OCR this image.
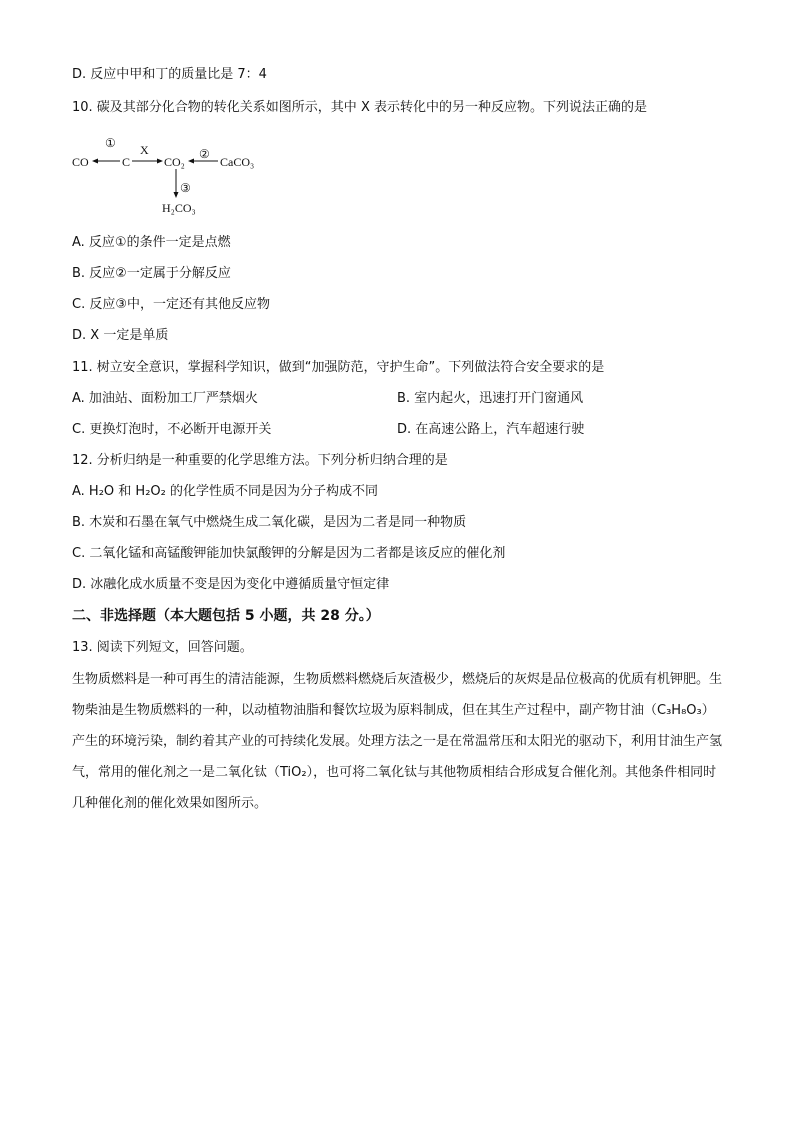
D. 反应中甲和丁的质量比是 7：4
10. 碳及其部分化合物的转化关系如图所示，其中 X 表示转化中的另一种反应物。下列说法正确的是
①
CO	C
X
CO₂
②
CaCO₃
③
H₂CO₃
A. 反应①的条件一定是点燃
B. 反应②一定属于分解反应
C. 反应③中，一定还有其他反应物
D. X 一定是单质
11. 树立安全意识，掌握科学知识，做到“加强防范，守护生命”。下列做法符合安全要求的是
A. 加油站、面粉加工厂严禁烟火	B. 室内起火，迅速打开门窗通风
C. 更换灯泡时，不必断开电源开关	D. 在高速公路上，汽车超速行驶
12. 分析归纳是一种重要的化学思维方法。下列分析归纳合理的是
A. H₂O 和 H₂O₂ 的化学性质不同是因为分子构成不同
B. 木炭和石墨在氧气中燃烧生成二氧化碳，是因为二者是同一种物质
C. 二氧化锰和高锰酸钾能加快氯酸钾的分解是因为二者都是该反应的催化剂
D. 冰融化成水质量不变是因为变化中遵循质量守恒定律
二、非选择题（本大题包括 5 小题，共 28 分。）
13. 阅读下列短文，回答问题。
生物质燃料是一种可再生的清洁能源，生物质燃料燃烧后灰渣极少，燃烧后的灰烬是品位极高的优质有机钾肥。生物柴油是生物质燃料的一种，以动植物油脂和餐饮垃圾为原料制成，但在其生产过程中，副产物甘油（C₃H₈O₃）产生的环境污染，制约着其产业的可持续化发展。处理方法之一是在常温常压和太阳光的驱动下，利用甘油生产氢气，常用的催化剂之一是二氧化钛（TiO₂），也可将二氧化钛与其他物质相结合形成复合催化剂。其他条件相同时几种催化剂的催化效果如图所示。
